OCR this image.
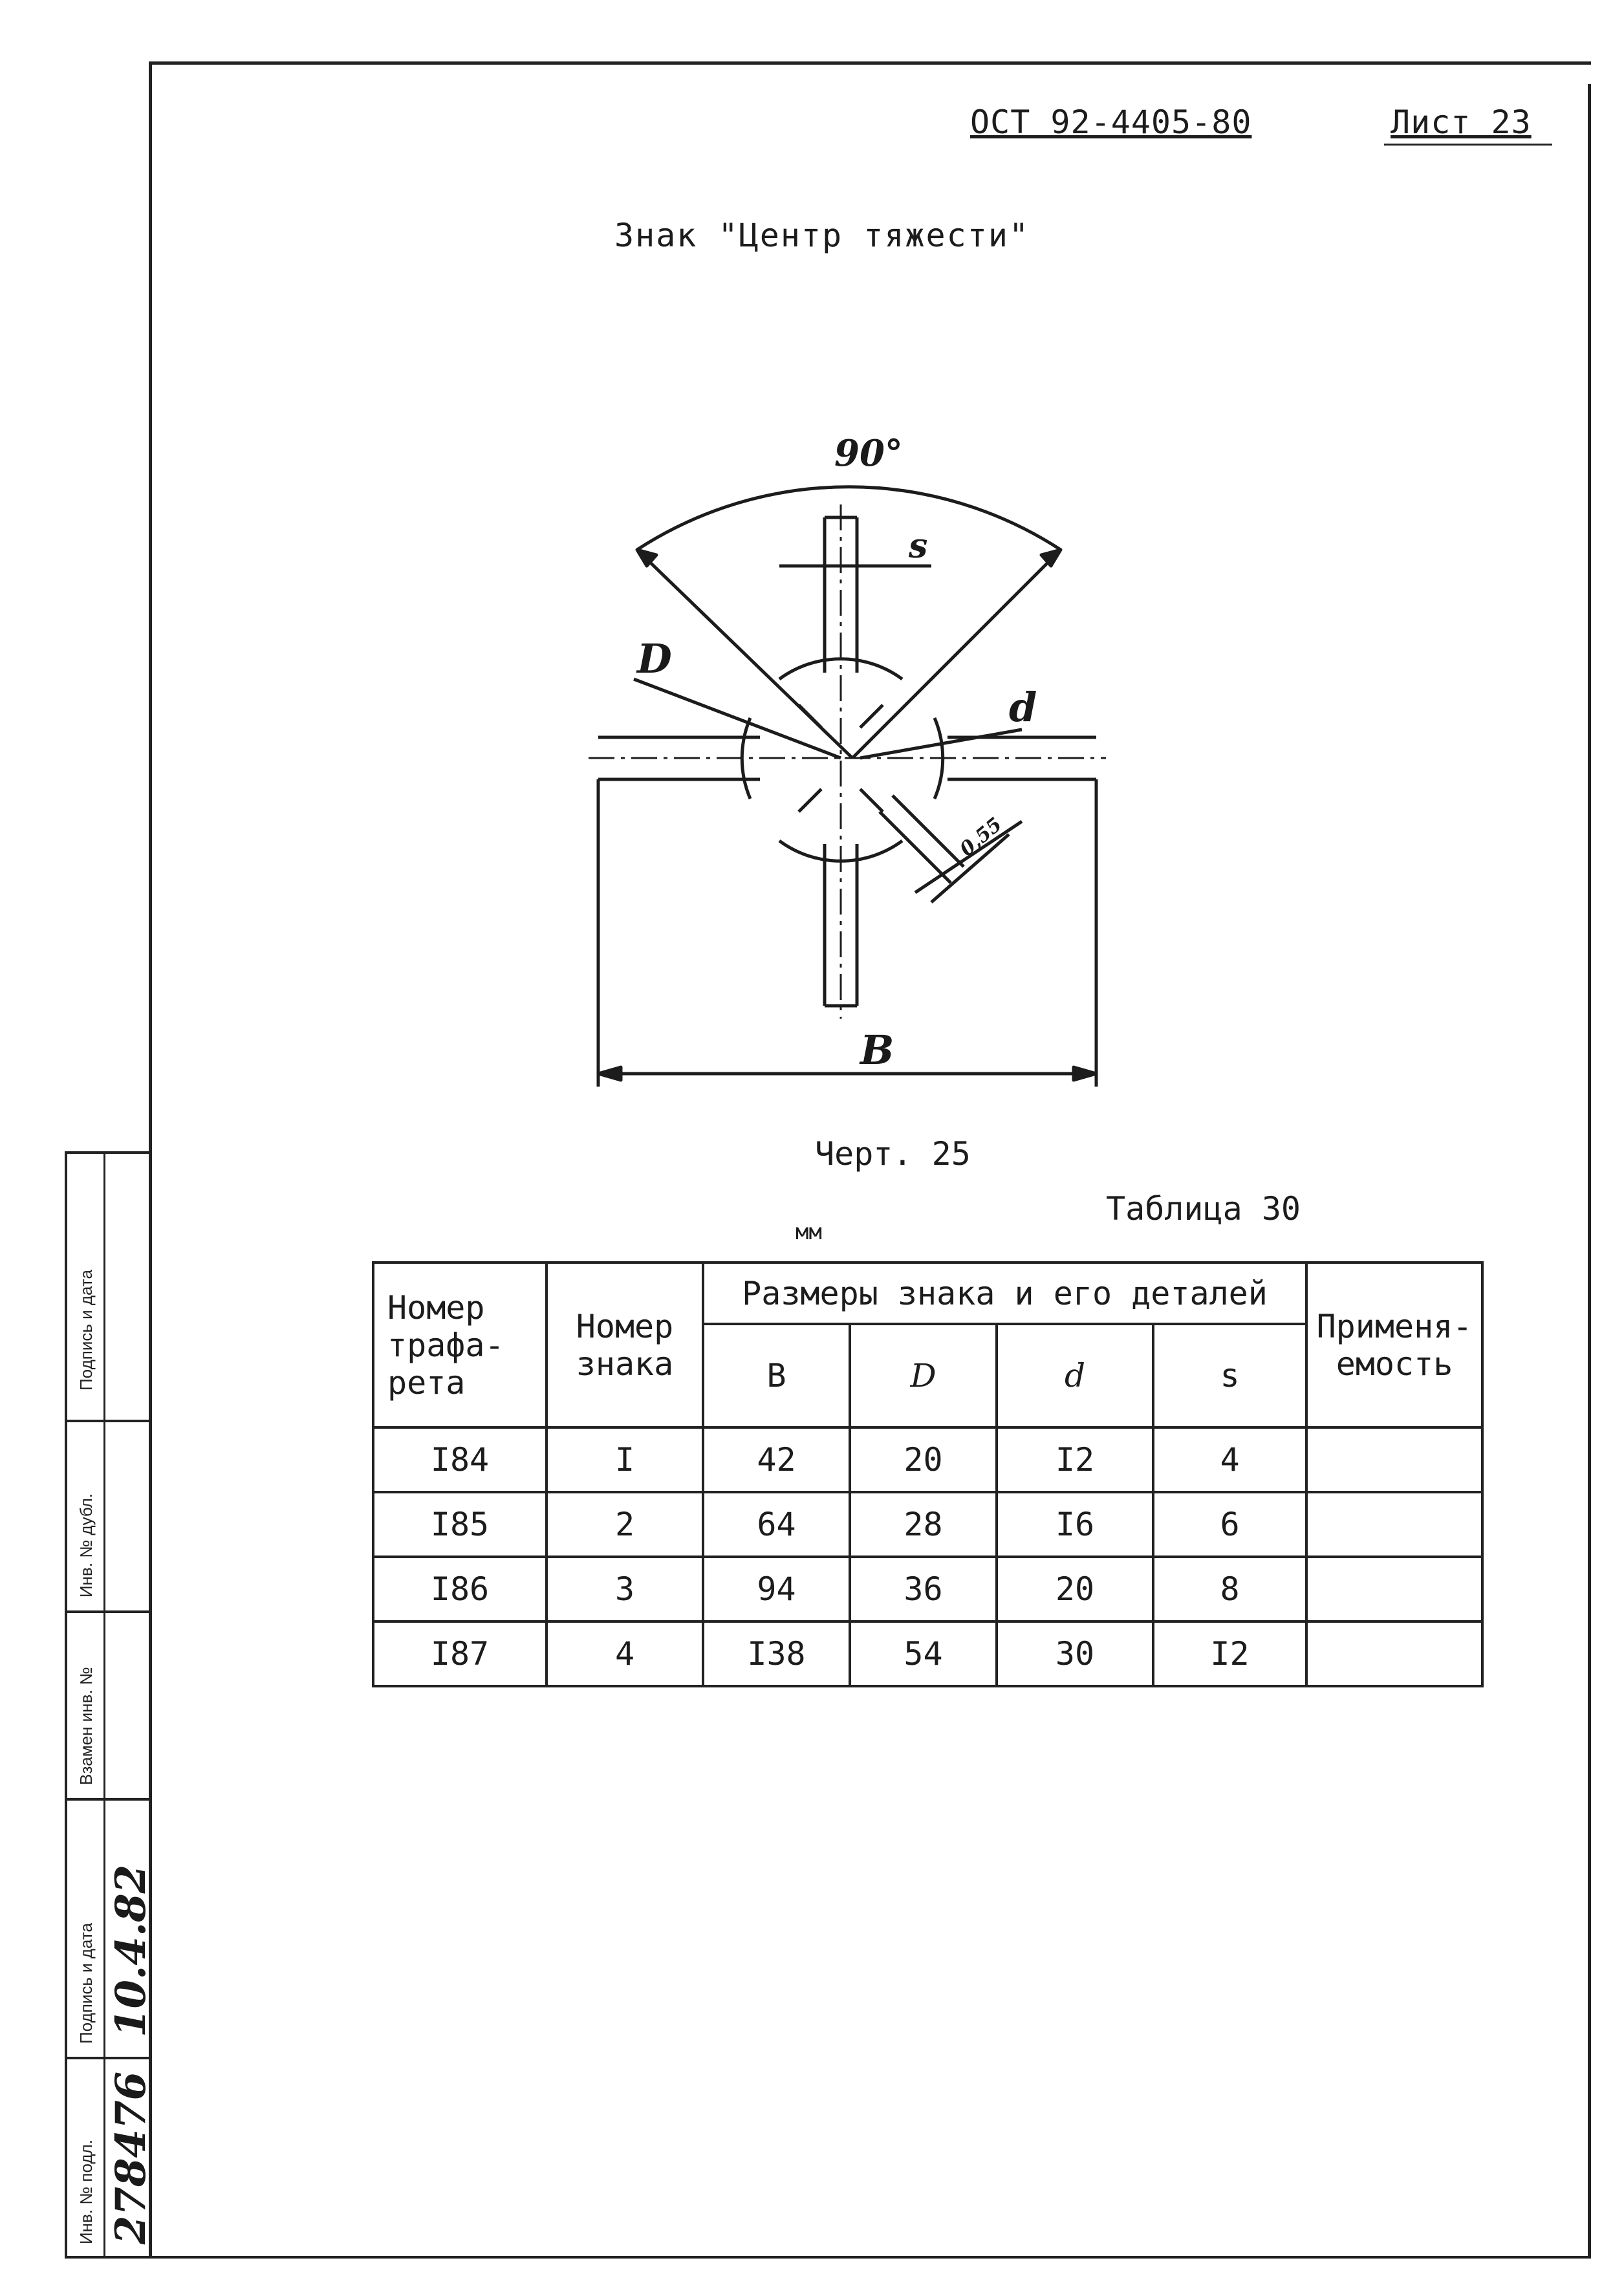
ОСТ 92-4405-80	Лист 23
Знак "Центр тяжести"
90°
s
D
d
0,55
B
Черт. 25
Таблица 30
мм
Номер трафа-рета	Номер знака	Размеры знака и его деталей				Применя-емость
		B	D	d	s	
I84	I	42	20	I2	4	
I85	2	64	28	I6	6	
I86	3	94	36	20	8	
I87	4	I38	54	30	I2	
Подпись и дата
Инв. № дубл.
Взамен инв. №
Подпись и дата
Инв. № подл.
10.4.82
278476
